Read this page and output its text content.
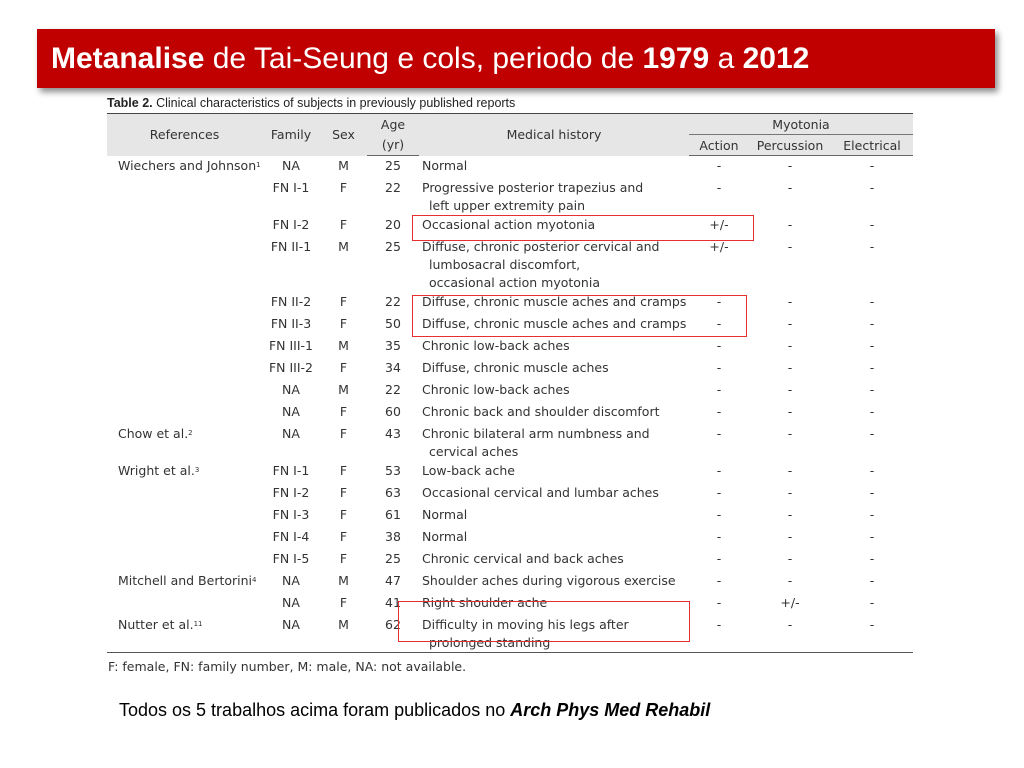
Metanalise de Tai-Seung e cols, periodo de 1979 a 2012
Table 2. Clinical characteristics of subjects in previously published reports
References	Family	Sex	Age	Medical history	Myotonia		
			(yr)		Action	Percussion	Electrical
Wiechers and Johnson$^1$	NA	M	25	Normal	-	-	-
	FN I-1	F	22	Progressive posterior trapezius and
left upper extremity pain	-	-	-
	FN I-2	F	20	Occasional action myotonia	+/-	-	-
	FN II-1	M	25	Diffuse, chronic posterior cervical and
lumbosacral discomfort,
occasional action myotonia	+/-	-	-
	FN II-2	F	22	Diffuse, chronic muscle aches and cramps	-	-	-
	FN II-3	F	50	Diffuse, chronic muscle aches and cramps	-	-	-
	FN III-1	M	35	Chronic low-back aches	-	-	-
	FN III-2	F	34	Diffuse, chronic muscle aches	-	-	-
	NA	M	22	Chronic low-back aches	-	-	-
	NA	F	60	Chronic back and shoulder discomfort	-	-	-
Chow et al.$^2$	NA	F	43	Chronic bilateral arm numbness and
cervical aches	-	-	-
Wright et al.$^3$	FN I-1	F	53	Low-back ache	-	-	-
	FN I-2	F	63	Occasional cervical and lumbar aches	-	-	-
	FN I-3	F	61	Normal	-	-	-
	FN I-4	F	38	Normal	-	-	-
	FN I-5	F	25	Chronic cervical and back aches	-	-	-
Mitchell and Bertorini$^4$	NA	M	47	Shoulder aches during vigorous exercise	-	-	-
	NA	F	41	Right shoulder ache	-	+/-	-
Nutter et al.$^{11}$	NA	M	62	Difficulty in moving his legs after
prolonged standing	-	-	-
F: female, FN: family number, M: male, NA: not available.
Todos os 5 trabalhos acima foram publicados no Arch Phys Med Rehabil
